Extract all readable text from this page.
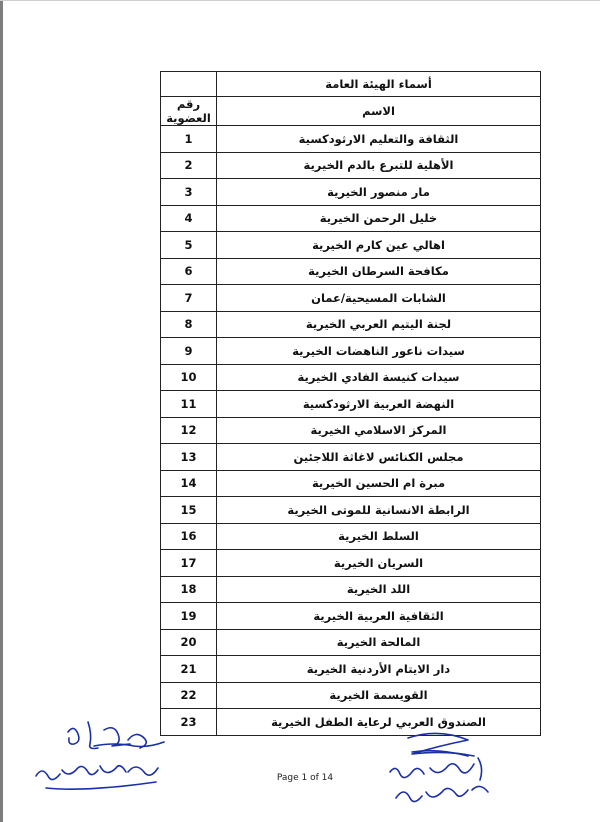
أسماء الهيئة العامة	
الاسم	رقم العضوية
الثقافة والتعليم الارثودكسية	1
الأهلية للتبرع بالدم الخيرية	2
مار منصور الخيرية	3
خليل الرحمن الخيرية	4
اهالي عين كارم الخيرية	5
مكافحة السرطان الخيرية	6
الشابات المسيحية/عمان	7
لجنة اليتيم العربي الخيرية	8
سيدات ناعور الناهضات الخيرية	9
سيدات كنيسة الفادي الخيرية	10
النهضة العربية الارثودكسية	11
المركز الاسلامي الخيرية	12
مجلس الكنائس لاغاثة اللاجئين	13
مبرة ام الحسين الخيرية	14
الرابطة الانسانية للموتى الخيرية	15
السلط الخيرية	16
السريان الخيرية	17
اللد الخيرية	18
الثقافية العربية الخيرية	19
المالحة الخيرية	20
دار الايتام الأردنية الخيرية	21
القويسمة الخيرية	22
الصندوق العربي لرعاية الطفل الخيرية	23
Page 1 of 14
